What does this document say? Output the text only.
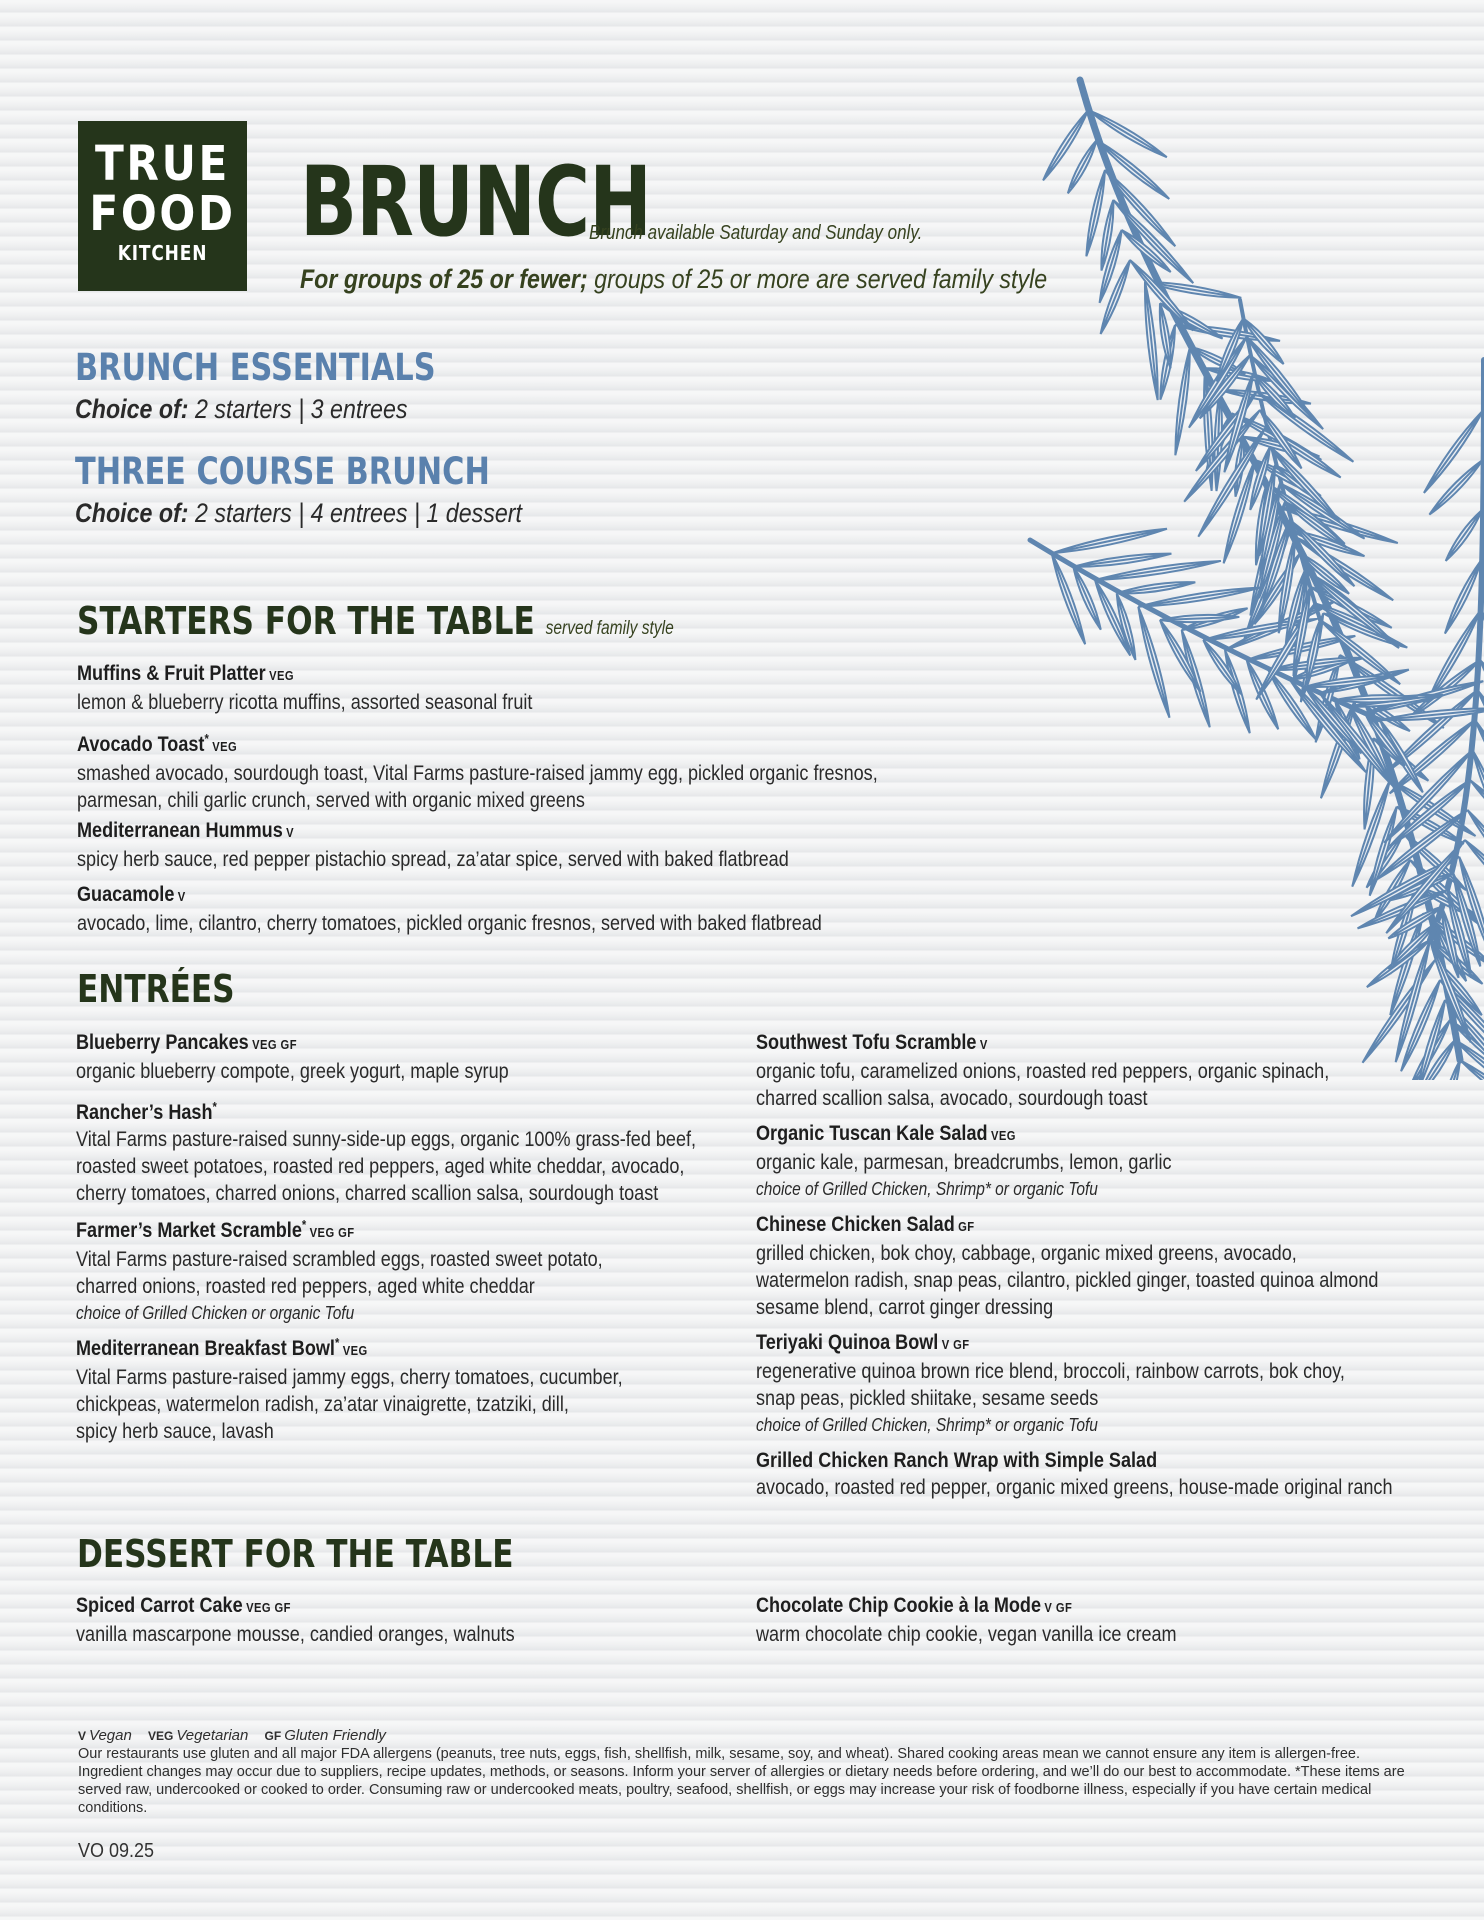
TRUE
FOOD
KITCHEN BRUNCH
Brunch available Saturday and Sunday only.
For groups of 25 or fewer; groups of 25 or more are served family style
BRUNCH ESSENTIALS
Choice of: 2 starters | 3 entrees
THREE COURSE BRUNCH
Choice of: 2 starters | 4 entrees | 1 dessert
STARTERS FOR THE TABLE served family style
ENTRÉES
DESSERT FOR THE TABLE
Muffins & Fruit Platter VEG
lemon & blueberry ricotta muffins, assorted seasonal fruit
Avocado Toast*VEG
smashed avocado, sourdough toast, Vital Farms pasture-raised jammy egg, pickled organic fresnos,
parmesan, chili garlic crunch, served with organic mixed greens
Mediterranean Hummus V
spicy herb sauce, red pepper pistachio spread, za’atar spice, served with baked flatbread
Guacamole V
avocado, lime, cilantro, cherry tomatoes, pickled organic fresnos, served with baked flatbread
Blueberry Pancakes VEG GF
organic blueberry compote, greek yogurt, maple syrup
Rancher’s Hash*
Vital Farms pasture-raised sunny-side-up eggs, organic 100% grass-fed beef,
roasted sweet potatoes, roasted red peppers, aged white cheddar, avocado,
cherry tomatoes, charred onions, charred scallion salsa, sourdough toast
Farmer’s Market Scramble*VEG GF
Vital Farms pasture-raised scrambled eggs, roasted sweet potato,
charred onions, roasted red peppers, aged white cheddar
choice of Grilled Chicken or organic Tofu
Mediterranean Breakfast Bowl*VEG
Vital Farms pasture-raised jammy eggs, cherry tomatoes, cucumber,
chickpeas, watermelon radish, za’atar vinaigrette, tzatziki, dill,
spicy herb sauce, lavash
Southwest Tofu Scramble V
organic tofu, caramelized onions, roasted red peppers, organic spinach,
charred scallion salsa, avocado, sourdough toast
Organic Tuscan Kale Salad VEG
organic kale, parmesan, breadcrumbs, lemon, garlic
choice of Grilled Chicken, Shrimp* or organic Tofu
Chinese Chicken Salad GF
grilled chicken, bok choy, cabbage, organic mixed greens, avocado,
watermelon radish, snap peas, cilantro, pickled ginger, toasted quinoa almond
sesame blend, carrot ginger dressing
Teriyaki Quinoa Bowl V GF
regenerative quinoa brown rice blend, broccoli, rainbow carrots, bok choy,
snap peas, pickled shiitake, sesame seeds
choice of Grilled Chicken, Shrimp* or organic Tofu
Grilled Chicken Ranch Wrap with Simple Salad
avocado, roasted red pepper, organic mixed greens, house-made original ranch
Spiced Carrot Cake VEG GF
vanilla mascarpone mousse, candied oranges, walnuts
Chocolate Chip Cookie à la Mode V GF
warm chocolate chip cookie, vegan vanilla ice cream
V Vegan VEG Vegetarian GF Gluten Friendly
Our restaurants use gluten and all major FDA allergens (peanuts, tree nuts, eggs, fish, shellfish, milk, sesame, soy, and wheat). Shared cooking areas mean we cannot ensure any item is allergen-free. Ingredient changes may occur due to suppliers, recipe updates, methods, or seasons. Inform your server of allergies or dietary needs before ordering, and we’ll do our best to accommodate. *These items are served raw, undercooked or cooked to order. Consuming raw or undercooked meats, poultry, seafood, shellfish, or eggs may increase your risk of foodborne illness, especially if you have certain medical conditions.
VO 09.25
